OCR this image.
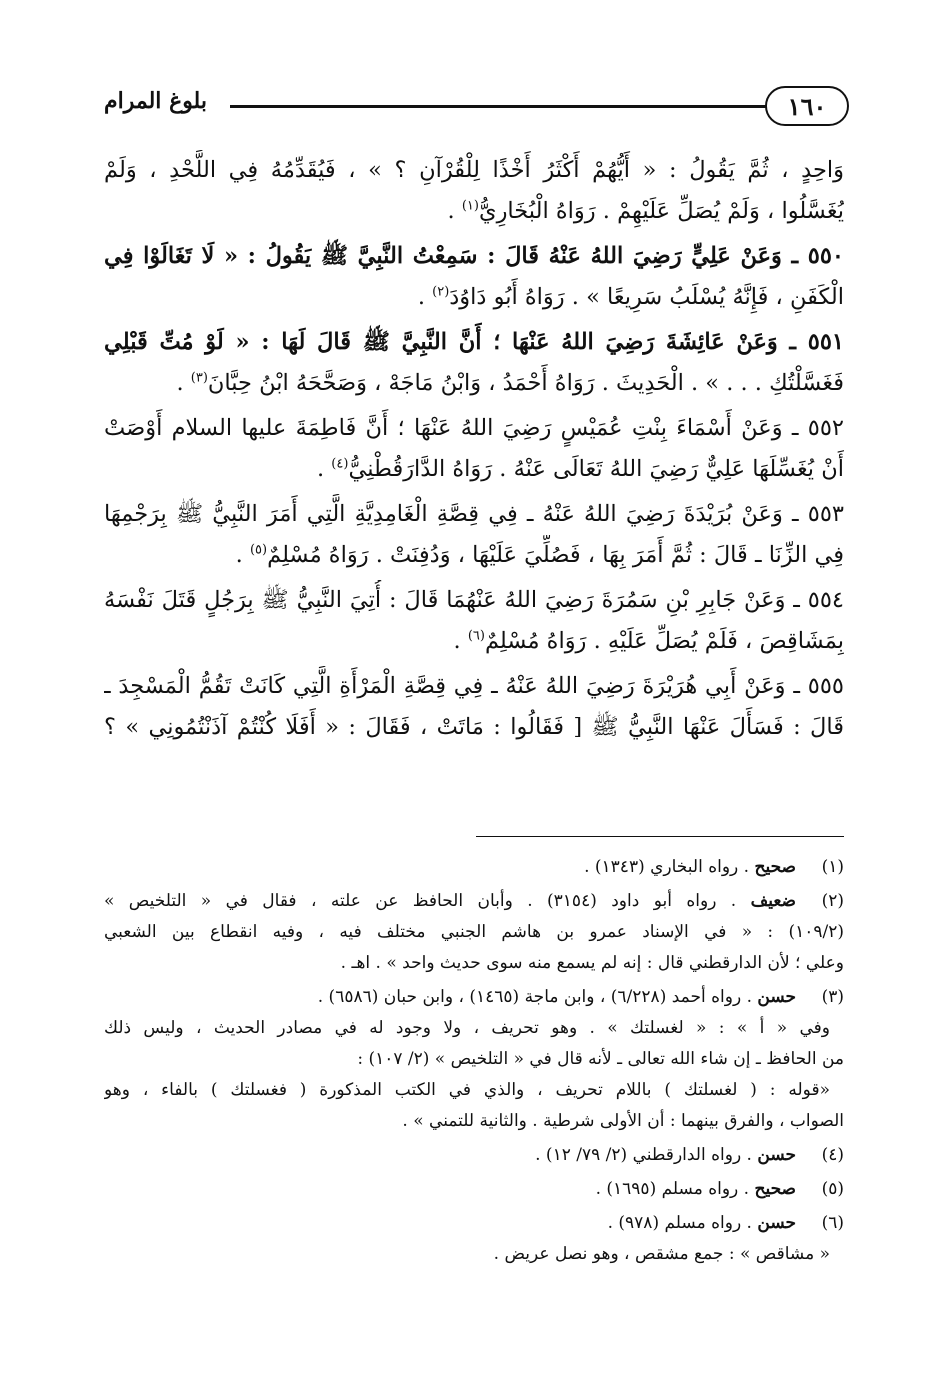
١٦٠
بلوغ المرام
وَاحِدٍ ، ثُمَّ يَقُولُ : « أَيُّهُمْ أَكْثَرُ أَخْذًا لِلْقُرْآنِ ؟ » ، فَيُقَدِّمُهُ فِي اللَّحْدِ ، وَلَمْ
يُغَسَّلُوا ، وَلَمْ يُصَلِّ عَلَيْهِمْ . رَوَاهُ الْبُخَارِيُّ$^{(١)}$ .
٥٥٠ ـ وَعَنْ عَلِيٍّ رَضِيَ اللهُ عَنْهُ قَالَ : سَمِعْتُ النَّبِيَّ ﷺ يَقُولُ : « لَا تَغَالَوْا فِي
الْكَفَنِ ، فَإِنَّهُ يُسْلَبُ سَرِيعًا » . رَوَاهُ أَبُو دَاوُدَ$^{(٢)}$ .
٥٥١ ـ وَعَنْ عَائِشَةَ رَضِيَ اللهُ عَنْهَا ؛ أَنَّ النَّبِيَّ ﷺ قَالَ لَهَا : « لَوْ مُتِّ قَبْلِي
فَغَسَّلْتُكِ . . . » . الْحَدِيثَ . رَوَاهُ أَحْمَدُ ، وَابْنُ مَاجَهْ ، وَصَحَّحَهُ ابْنُ حِبَّانَ$^{(٣)}$ .
٥٥٢ ـ وَعَنْ أَسْمَاءَ بِنْتِ عُمَيْسٍ رَضِيَ اللهُ عَنْهَا ؛ أَنَّ فَاطِمَةَ عليها السلام أَوْصَتْ
أَنْ يُغَسِّلَهَا عَلِيٌّ رَضِيَ اللهُ تَعَالَى عَنْهُ . رَوَاهُ الدَّارَقُطْنِيُّ$^{(٤)}$ .
٥٥٣ ـ وَعَنْ بُرَيْدَةَ رَضِيَ اللهُ عَنْهُ ـ فِي قِصَّةِ الْغَامِدِيَّةِ الَّتِي أَمَرَ النَّبِيُّ ﷺ بِرَجْمِهَا
فِي الزِّنَا ـ قَالَ : ثُمَّ أَمَرَ بِهَا ، فَصُلِّيَ عَلَيْهَا ، وَدُفِنَتْ . رَوَاهُ مُسْلِمٌ$^{(٥)}$ .
٥٥٤ ـ وَعَنْ جَابِرِ بْنِ سَمُرَةَ رَضِيَ اللهُ عَنْهُمَا قَالَ : أُتِيَ النَّبِيُّ ﷺ بِرَجُلٍ قَتَلَ نَفْسَهُ
بِمَشَاقِصَ ، فَلَمْ يُصَلِّ عَلَيْهِ . رَوَاهُ مُسْلِمٌ$^{(٦)}$ .
٥٥٥ ـ وَعَنْ أَبِي هُرَيْرَةَ رَضِيَ اللهُ عَنْهُ ـ فِي قِصَّةِ الْمَرْأَةِ الَّتِي كَانَتْ تَقُمُّ الْمَسْجِدَ ـ
قَالَ : فَسَأَلَ عَنْهَا النَّبِيُّ ﷺ [ فَقَالُوا : مَاتَتْ ، فَقَالَ : « أَفَلَا كُنْتُمْ آذَنْتُمُونِي » ؟
(١)
صحيح . رواه البخاري (١٣٤٣) .
(٢)
ضعيف . رواه أبو داود (٣١٥٤) . وأبان الحافظ عن علته ، فقال في « التلخيص »
(١٠٩/٢) : « في الإسناد عمرو بن هاشم الجنبي مختلف فيه ، وفيه انقطاع بين الشعبي
وعلي ؛ لأن الدارقطني قال : إنه لم يسمع منه سوى حديث واحد » . اهـ .
(٣)
حسن . رواه أحمد (٦/٢٢٨) ، وابن ماجة (١٤٦٥) ، وابن حبان (٦٥٨٦) .
وفي « أ » : « لغسلتك » . وهو تحريف ، ولا وجود له في مصادر الحديث ، وليس ذلك
من الحافظ ـ إن شاء الله تعالى ـ لأنه قال في « التلخيص » (٢/ ١٠٧) :
«قوله : ( لغسلتك ) باللام تحريف ، والذي في الكتب المذكورة ( فغسلتك ) بالفاء ، وهو
الصواب ، والفرق بينهما : أن الأولى شرطية . والثانية للتمني » .
(٤)
حسن . رواه الدارقطني (٢/ ٧٩/ ١٢) .
(٥)
صحيح . رواه مسلم (١٦٩٥) .
(٦)
حسن . رواه مسلم (٩٧٨) .
« مشاقص » : جمع مشقص ، وهو نصل عريض .
